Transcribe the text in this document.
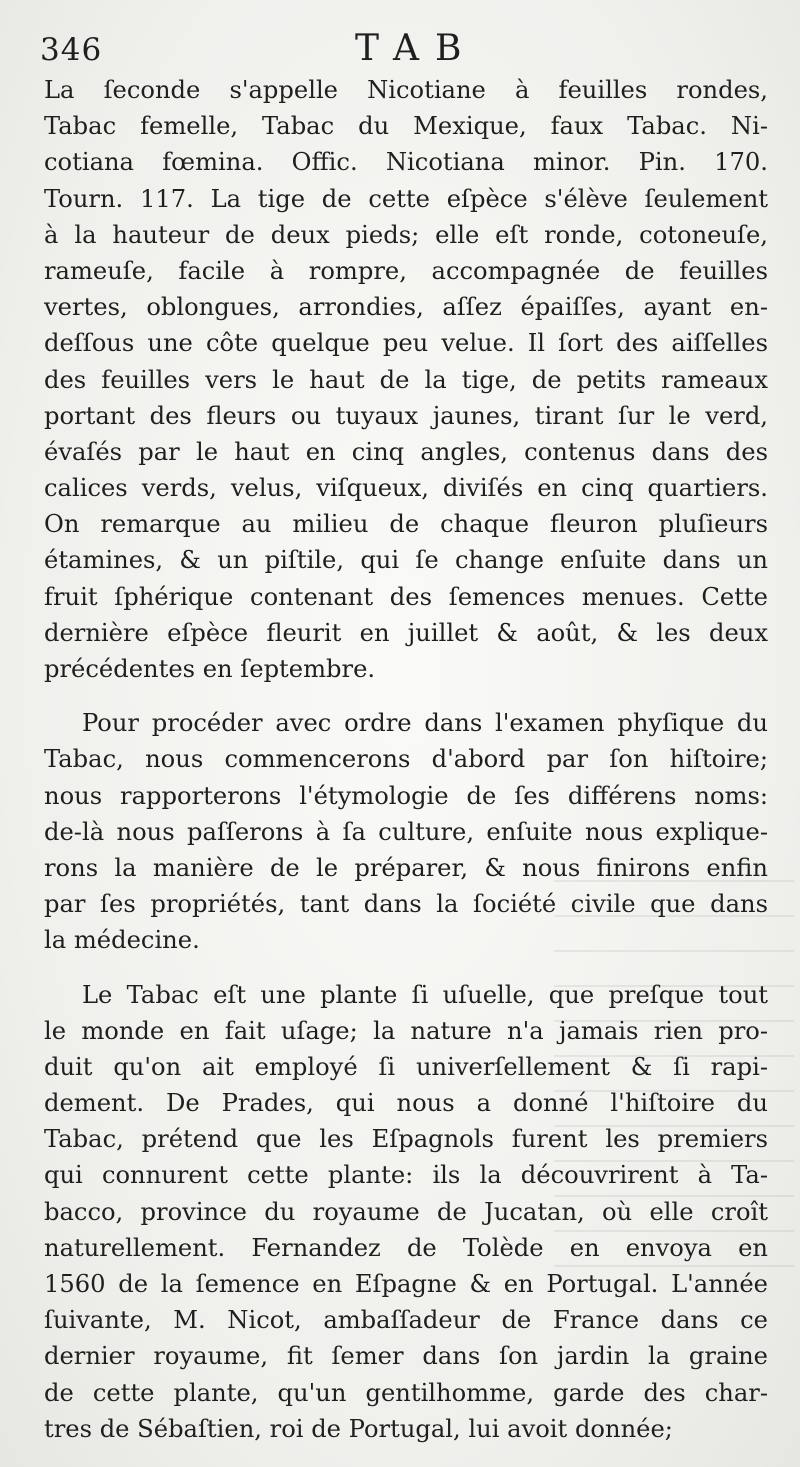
346	TAB
La ſeconde s'appelle Nicotiane à feuilles rondes,
Tabac femelle, Tabac du Mexique, faux Tabac. Ni-
cotiana fœmina. Offic. Nicotiana minor. Pin. 170.
Tourn. 117. La tige de cette eſpèce s'élève ſeulement
à la hauteur de deux pieds; elle eſt ronde, cotoneuſe,
rameuſe, facile à rompre, accompagnée de feuilles
vertes, oblongues, arrondies, aſſez épaiſſes, ayant en-
deſſous une côte quelque peu velue. Il ſort des aiſſelles
des feuilles vers le haut de la tige, de petits rameaux
portant des fleurs ou tuyaux jaunes, tirant ſur le verd,
évaſés par le haut en cinq angles, contenus dans des
calices verds, velus, viſqueux, diviſés en cinq quartiers.
On remarque au milieu de chaque fleuron pluſieurs
étamines, & un piſtile, qui ſe change enſuite dans un
fruit ſphérique contenant des ſemences menues. Cette
dernière eſpèce fleurit en juillet & août, & les deux
précédentes en ſeptembre.
Pour procéder avec ordre dans l'examen phyſique du
Tabac, nous commencerons d'abord par ſon hiſtoire;
nous rapporterons l'étymologie de ſes différens noms:
de-là nous paſſerons à ſa culture, enſuite nous explique-
rons la manière de le préparer, & nous finirons enfin
par ſes propriétés, tant dans la ſociété civile que dans
la médecine.
Le Tabac eſt une plante ſi uſuelle, que preſque tout
le monde en fait uſage; la nature n'a jamais rien pro-
duit qu'on ait employé ſi univerſellement & ſi rapi-
dement. De Prades, qui nous a donné l'hiſtoire du
Tabac, prétend que les Eſpagnols furent les premiers
qui connurent cette plante: ils la découvrirent à Ta-
bacco, province du royaume de Jucatan, où elle croît
naturellement. Fernandez de Tolède en envoya en
1560 de la ſemence en Eſpagne & en Portugal. L'année
ſuivante, M. Nicot, ambaſſadeur de France dans ce
dernier royaume, fit ſemer dans ſon jardin la graine
de cette plante, qu'un gentilhomme, garde des char-
tres de Sébaſtien, roi de Portugal, lui avoit donnée;
